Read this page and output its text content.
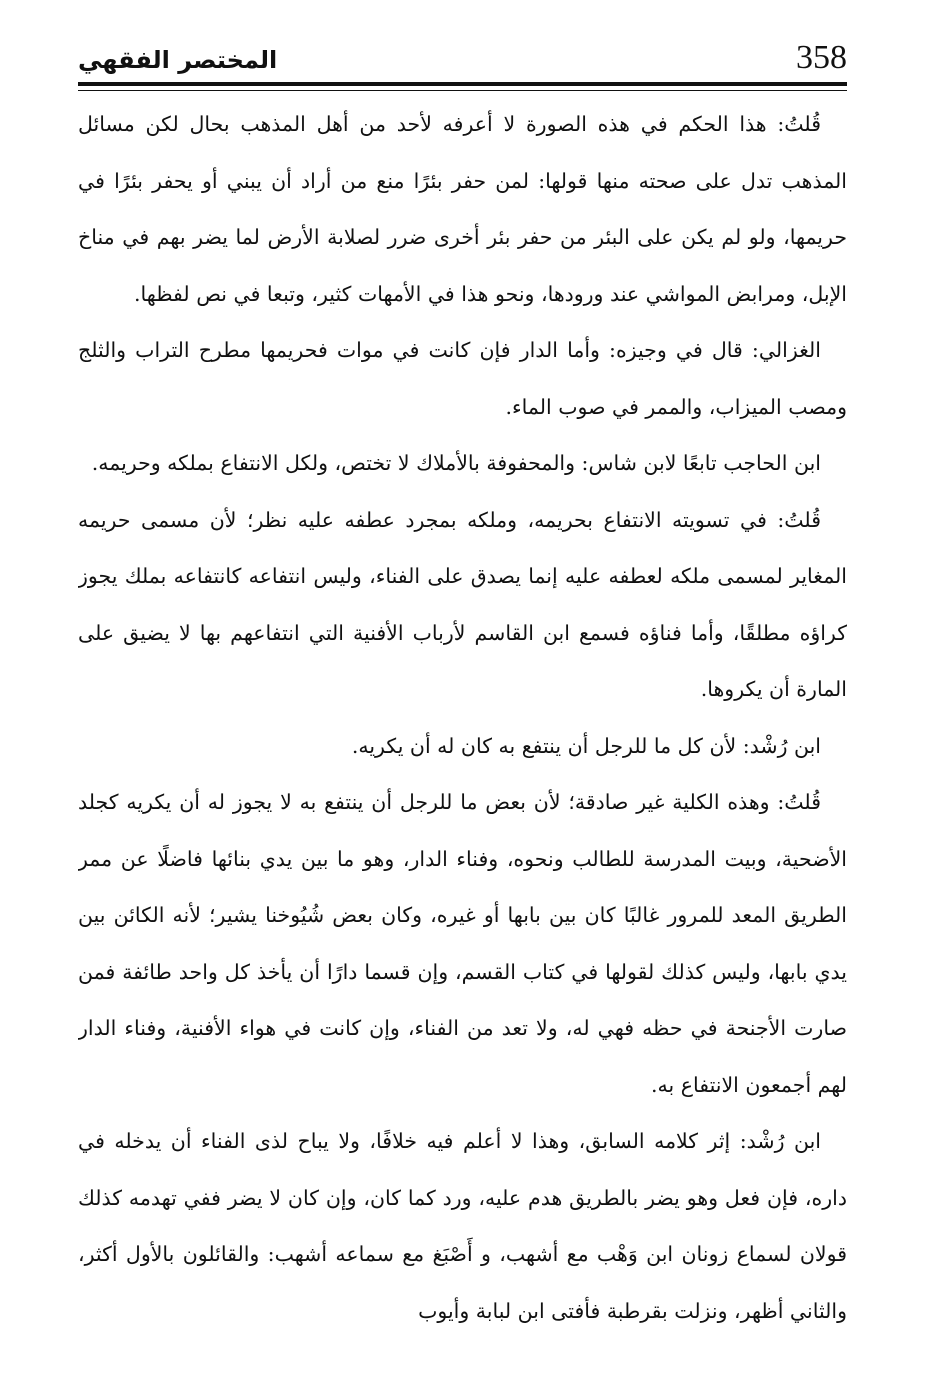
358
المختصر الفقهي

قُلتُ: هذا الحكم في هذه الصورة لا أعرفه لأحد من أهل المذهب بحال لكن مسائل المذهب تدل على صحته منها قولها: لمن حفر بئرًا منع من أراد أن يبني أو يحفر بئرًا في حريمها، ولو لم يكن على البئر من حفر بئر أخرى ضرر لصلابة الأرض لما يضر بهم في مناخ الإبل، ومرابض المواشي عند ورودها، ونحو هذا في الأمهات كثير، وتبعا في نص لفظها.

الغزالي: قال في وجيزه: وأما الدار فإن كانت في موات فحريمها مطرح التراب والثلج ومصب الميزاب، والممر في صوب الماء.

ابن الحاجب تابعًا لابن شاس: والمحفوفة بالأملاك لا تختص، ولكل الانتفاع بملكه وحريمه.

قُلتُ: في تسويته الانتفاع بحريمه، وملكه بمجرد عطفه عليه نظر؛ لأن مسمى حريمه المغاير لمسمى ملكه لعطفه عليه إنما يصدق على الفناء، وليس انتفاعه كانتفاعه بملك يجوز كراؤه مطلقًا، وأما فناؤه فسمع ابن القاسم لأرباب الأفنية التي انتفاعهم بها لا يضيق على المارة أن يكروها.

ابن رُشْد: لأن كل ما للرجل أن ينتفع به كان له أن يكريه.

قُلتُ: وهذه الكلية غير صادقة؛ لأن بعض ما للرجل أن ينتفع به لا يجوز له أن يكريه كجلد الأضحية، وبيت المدرسة للطالب ونحوه، وفناء الدار، وهو ما بين يدي بنائها فاضلًا عن ممر الطريق المعد للمرور غالبًا كان بين بابها أو غيره، وكان بعض شُيُوخنا يشير؛ لأنه الكائن بين يدي بابها، وليس كذلك لقولها في كتاب القسم، وإن قسما دارًا أن يأخذ كل واحد طائفة فمن صارت الأجنحة في حظه فهي له، ولا تعد من الفناء، وإن كانت في هواء الأفنية، وفناء الدار لهم أجمعون الانتفاع به.

ابن رُشْد: إثر كلامه السابق، وهذا لا أعلم فيه خلافًا، ولا يباح لذى الفناء أن يدخله في داره، فإن فعل وهو يضر بالطريق هدم عليه، ورد كما كان، وإن كان لا يضر ففي تهدمه كذلك قولان لسماع زونان ابن وَهْب مع أشهب، و أَصْبَغ مع سماعه أشهب: والقائلون بالأول أكثر، والثاني أظهر، ونزلت بقرطبة فأفتى ابن لبابة وأيوب
